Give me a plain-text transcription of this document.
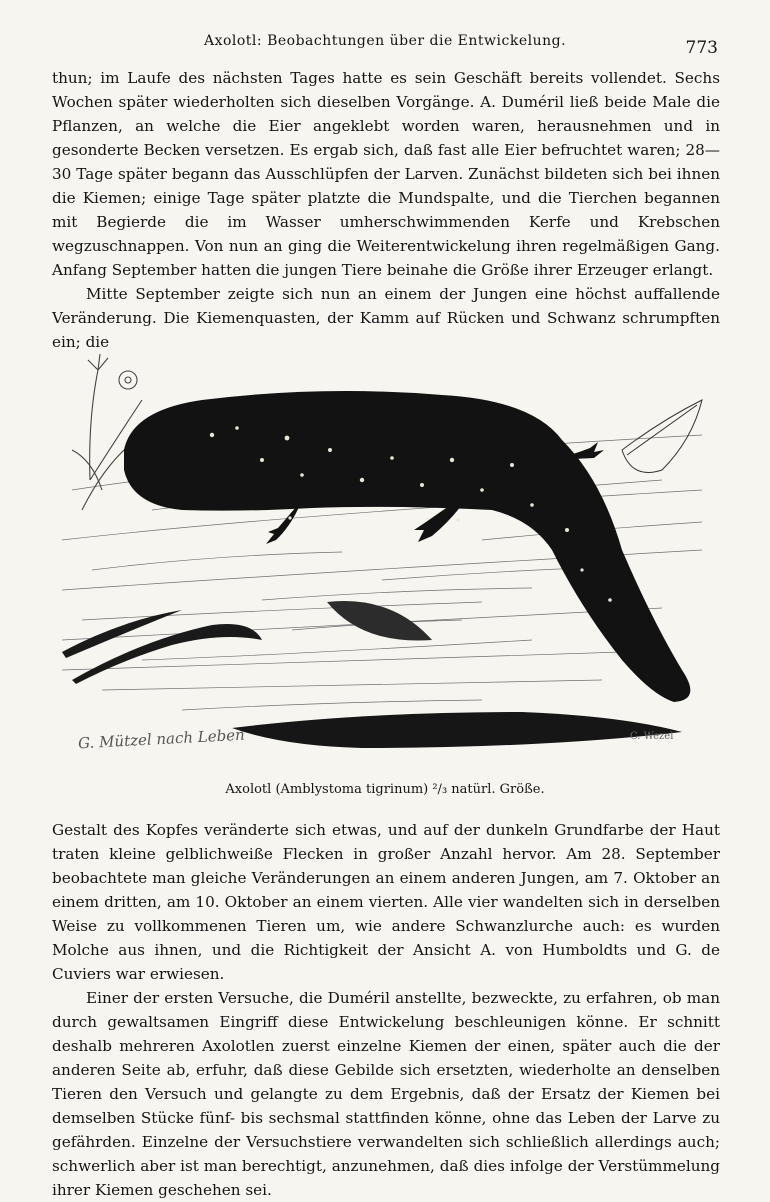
Axolotl: Beobachtungen über die Entwickelung.	773

thun; im Laufe des nächsten Tages hatte es sein Geschäft bereits vollendet. Sechs Wochen später wiederholten sich dieselben Vorgänge. A. Duméril ließ beide Male die Pflanzen, an welche die Eier angeklebt worden waren, herausnehmen und in gesonderte Becken versetzen. Es ergab sich, daß fast alle Eier befruchtet waren; 28—30 Tage später begann das Ausschlüpfen der Larven. Zunächst bildeten sich bei ihnen die Kiemen; einige Tage später platzte die Mundspalte, und die Tierchen begannen mit Begierde die im Wasser umherschwimmenden Kerfe und Krebschen wegzuschnappen. Von nun an ging die Weiterentwickelung ihren regelmäßigen Gang. Anfang September hatten die jungen Tiere beinahe die Größe ihrer Erzeuger erlangt.

Mitte September zeigte sich nun an einem der Jungen eine höchst auffallende Veränderung. Die Kiemenquasten, der Kamm auf Rücken und Schwanz schrumpften ein; die

G. Mützel nach Leben	C. Wezel
Axolotl (Amblystoma tigrinum) ²/₃ natürl. Größe.

Gestalt des Kopfes veränderte sich etwas, und auf der dunkeln Grundfarbe der Haut traten kleine gelblichweiße Flecken in großer Anzahl hervor. Am 28. September beobachtete man gleiche Veränderungen an einem anderen Jungen, am 7. Oktober an einem dritten, am 10. Oktober an einem vierten. Alle vier wandelten sich in derselben Weise zu vollkommenen Tieren um, wie andere Schwanzlurche auch: es wurden Molche aus ihnen, und die Richtigkeit der Ansicht A. von Humboldts und G. de Cuviers war erwiesen.

Einer der ersten Versuche, die Duméril anstellte, bezweckte, zu erfahren, ob man durch gewaltsamen Eingriff diese Entwickelung beschleunigen könne. Er schnitt deshalb mehreren Axolotlen zuerst einzelne Kiemen der einen, später auch die der anderen Seite ab, erfuhr, daß diese Gebilde sich ersetzten, wiederholte an denselben Tieren den Versuch und gelangte zu dem Ergebnis, daß der Ersatz der Kiemen bei demselben Stücke fünf- bis sechsmal stattfinden könne, ohne das Leben der Larve zu gefährden. Einzelne der Versuchstiere verwandelten sich schließlich allerdings auch; schwerlich aber ist man berechtigt, anzunehmen, daß dies infolge der Verstümmelung ihrer Kiemen geschehen sei.
